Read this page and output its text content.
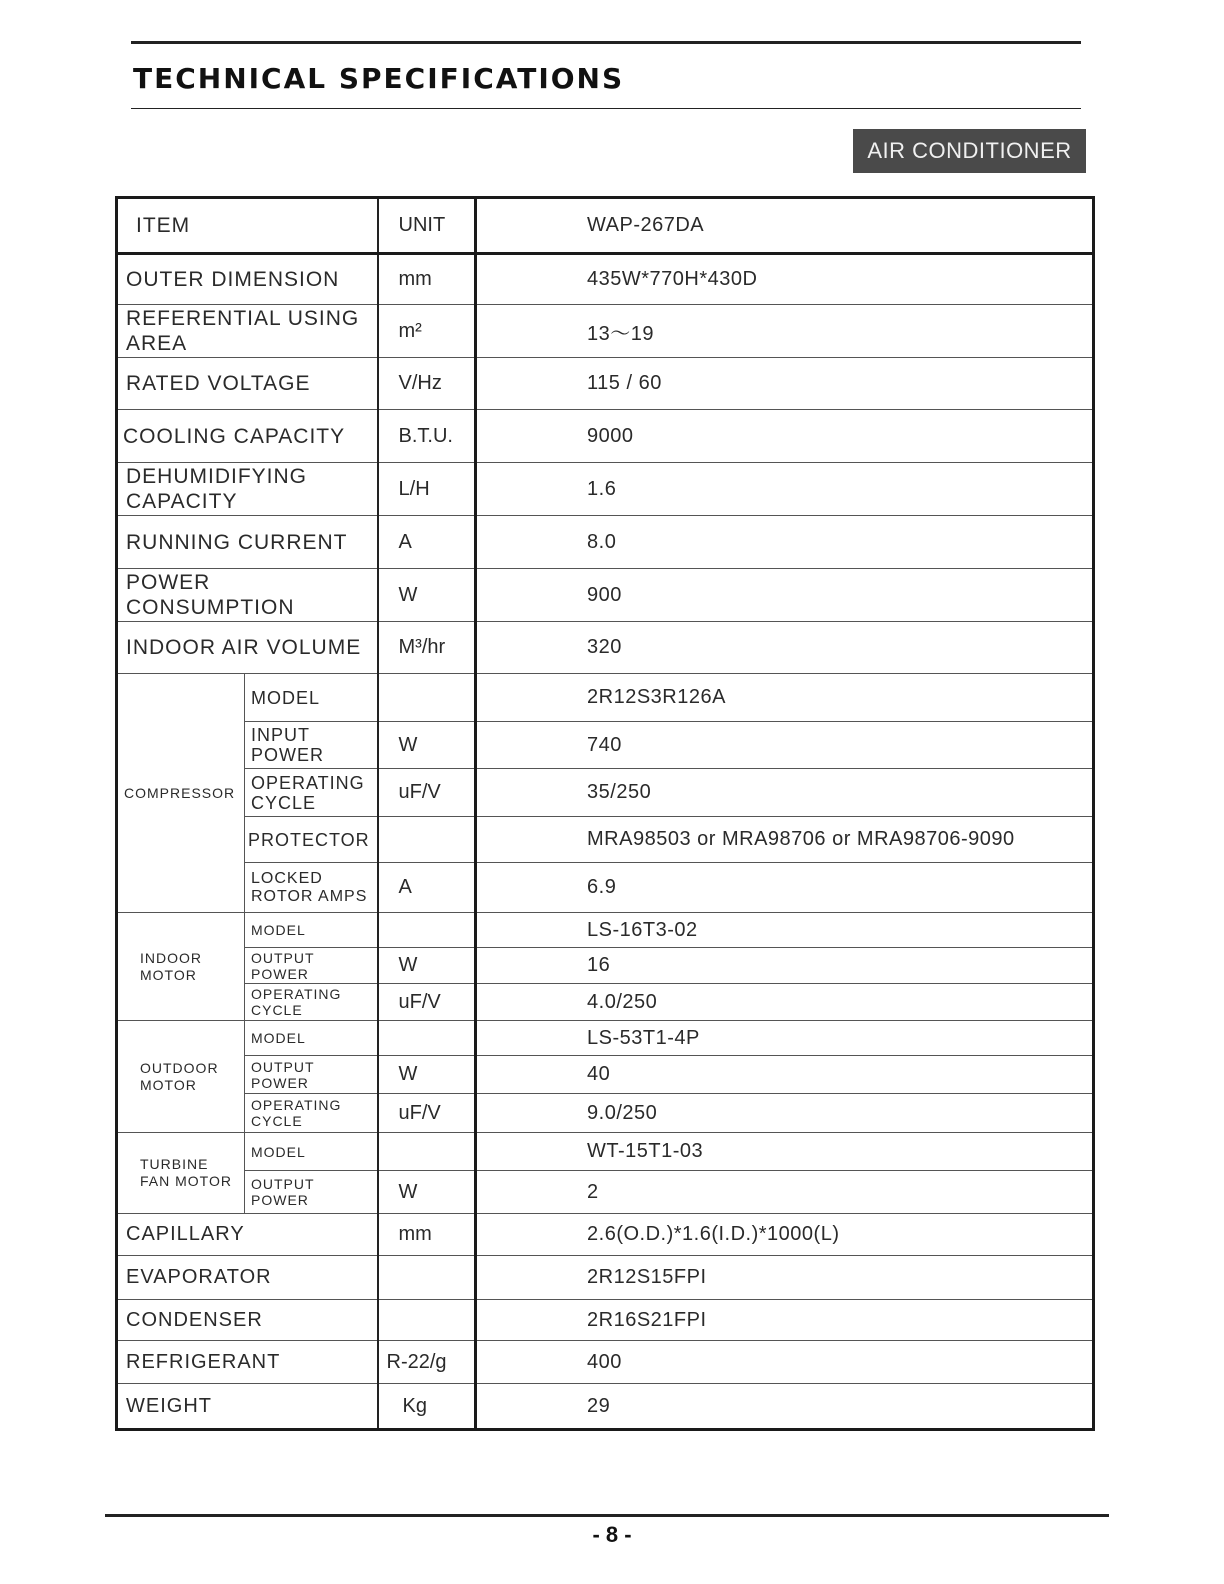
TECHNICAL SPECIFICATIONS
AIR CONDITIONER
ITEM		UNIT	WAP-267DA
OUTER DIMENSION		mm	435W*770H*430D
REFERENTIAL USING AREA		m²	13～19
RATED VOLTAGE		V/Hz	115 / 60
COOLING CAPACITY		B.T.U.	9000
DEHUMIDIFYING CAPACITY		L/H	1.6
RUNNING CURRENT		A	8.0
POWER CONSUMPTION		W	900
INDOOR AIR VOLUME		M³/hr	320
COMPRESSOR	MODEL		2R12S3R126A
	INPUT POWER	W	740
	OPERATING CYCLE	uF/V	35/250
	PROTECTOR		MRA98503 or MRA98706 or MRA98706-9090
	LOCKED ROTOR AMPS	A	6.9
INDOOR MOTOR	MODEL		LS-16T3-02
	OUTPUT POWER	W	16
	OPERATING CYCLE	uF/V	4.0/250
OUTDOOR MOTOR	MODEL		LS-53T1-4P
	OUTPUT POWER	W	40
	OPERATING CYCLE	uF/V	9.0/250
TURBINE FAN MOTOR	MODEL		WT-15T1-03
	OUTPUT POWER	W	2
CAPILLARY		mm	2.6(O.D.)*1.6(I.D.)*1000(L)
EVAPORATOR			2R12S15FPI
CONDENSER			2R16S21FPI
REFRIGERANT		R-22/g	400
WEIGHT		Kg	29
- 8 -
